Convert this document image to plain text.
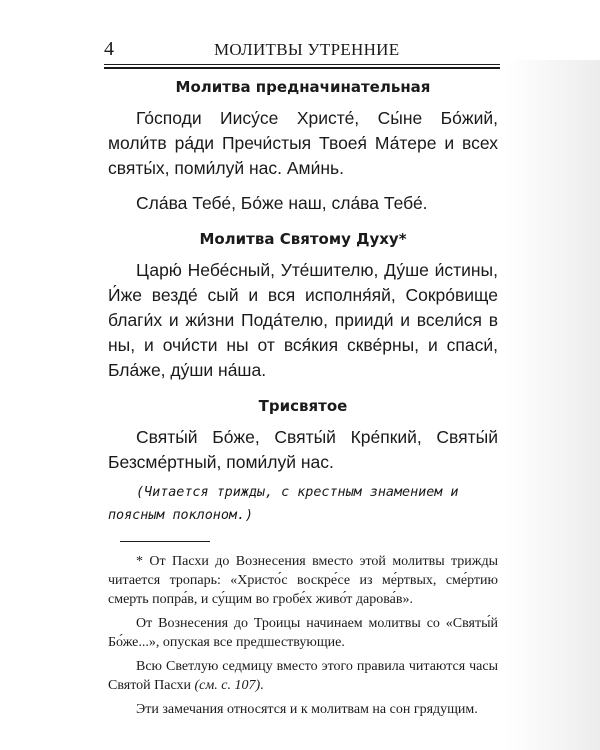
4	МОЛИТВЫ УТРЕННИЕ
Молитва предначинательная

Го́споди Иису́се Христе́, Сы́не Бо́жий, моли́тв ра́ди Пречи́стыя Твоея́ Ма́тере и всех святы́х, поми́луй нас. Ами́нь.

Сла́ва Тебе́, Бо́же наш, сла́ва Тебе́.

Молитва Святому Духу*

Царю́ Небе́сный, Уте́шителю, Ду́ше и́стины, И́же везде́ сый и вся исполня́яй, Сокро́вище благи́х и жи́зни Пода́телю, прииди́ и всели́ся в ны, и очи́сти ны от вся́кия скве́рны, и спаси́, Бла́же, ду́ши на́ша.

Трисвятое

Святы́й Бо́же, Святы́й Кре́пкий, Святы́й Безсме́ртный, поми́луй нас.

(Читается трижды, с крестным знамением и поясным поклоном.)

* От Пасхи до Вознесения вместо этой молитвы трижды читается тропарь: «Христо́с воскре́се из ме́ртвых, сме́ртию смерть попра́в, и су́щим во гробе́х живо́т дарова́в».

От Вознесения до Троицы начинаем молитвы со «Святы́й Бо́же...», опуская все предшествующие.

Всю Светлую седмицу вместо этого правила читаются часы Святой Пасхи (см. с. 107).

Эти замечания относятся и к молитвам на сон грядущим.
